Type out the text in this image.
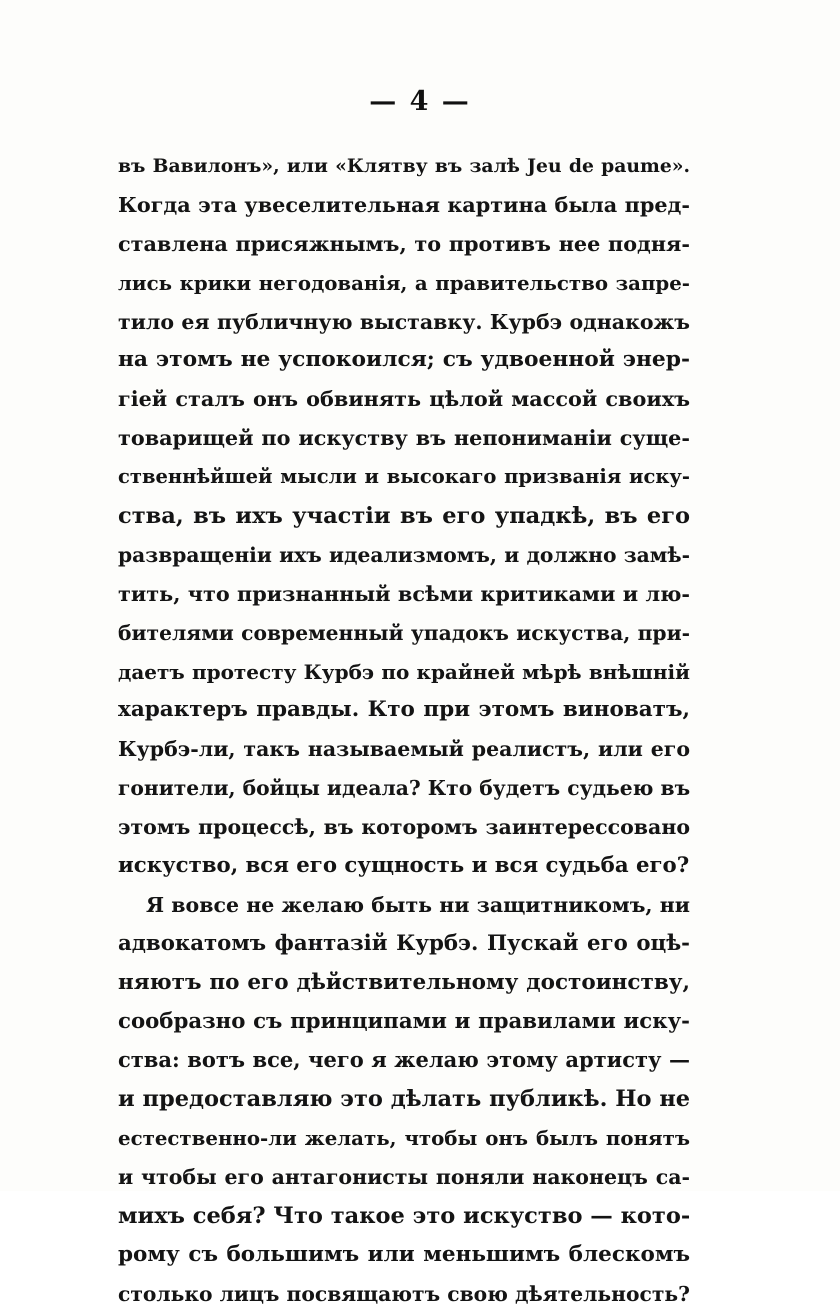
— 4 —
въ Вавилонъ», или «Клятву въ залѣ Jeu de paume».
Когда эта увеселительная картина была пред-
ставлена присяжнымъ, то противъ нее подня-
лись крики негодованія, а правительство запре-
тило ея публичную выставку. Курбэ однакожъ
на этомъ не успокоился; съ удвоенной энер-
гіей сталъ онъ обвинять цѣлой массой своихъ
товарищей по искуству въ непониманіи суще-
ственнѣйшей мысли и высокаго призванія иску-
ства, въ ихъ участіи въ его упадкѣ, въ его
развращеніи ихъ идеализмомъ, и должно замѣ-
тить, что признанный всѣми критиками и лю-
бителями современный упадокъ искуства, при-
даетъ протесту Курбэ по крайней мѣрѣ внѣшній
характеръ правды. Кто при этомъ виноватъ,
Курбэ-ли, такъ называемый реалистъ, или его
гонители, бойцы идеала? Кто будетъ судьею въ
этомъ процессѣ, въ которомъ заинтерессовано
искуство, вся его сущность и вся судьба его?
Я вовсе не желаю быть ни защитникомъ, ни
адвокатомъ фантазій Курбэ. Пускай его оцѣ-
няютъ по его дѣйствительному достоинству,
сообразно съ принципами и правилами иску-
ства: вотъ все, чего я желаю этому артисту —
и предоставляю это дѣлать публикѣ. Но не
естественно-ли желать, чтобы онъ былъ понятъ
и чтобы его антагонисты поняли наконецъ са-
михъ себя? Что такое это искуство — кото-
рому съ большимъ или меньшимъ блескомъ
столько лицъ посвящаютъ свою дѣятельность?
